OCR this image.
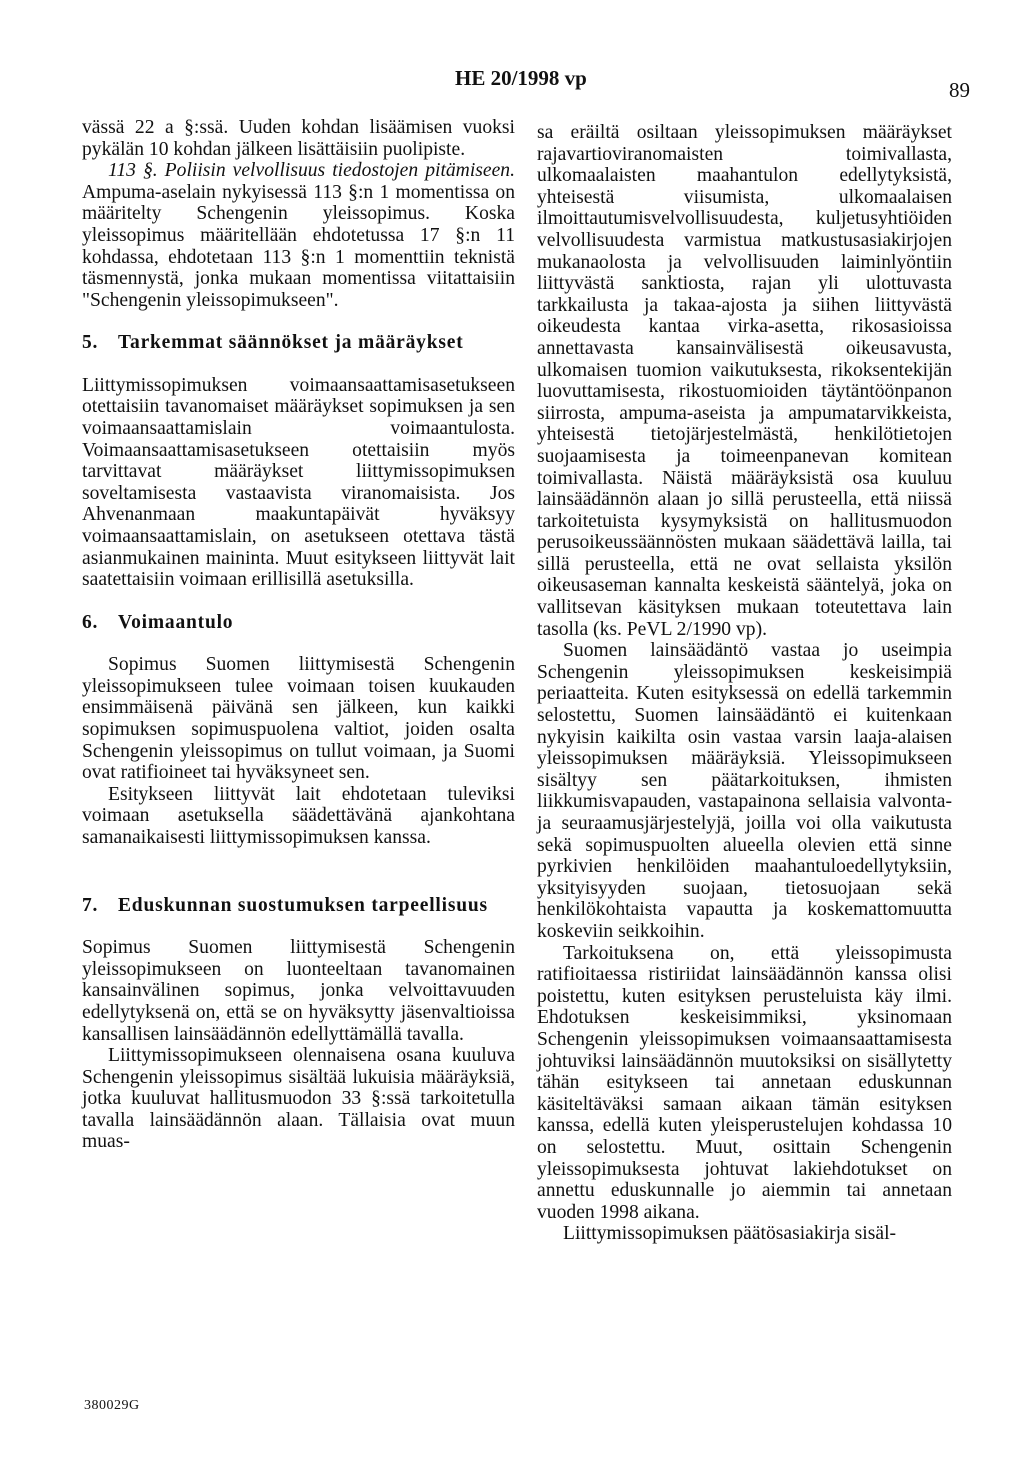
HE 20/1998 vp	89

vässä 22 a §:ssä. Uuden kohdan lisäämisen vuoksi pykälän 10 kohdan jälkeen lisättäisiin puolipiste.

113 §. Poliisin velvollisuus tiedostojen pitämiseen. Ampuma-aselain nykyisessä 113 §:n 1 momentissa on määritelty Schengenin yleissopimus. Koska yleissopimus määritellään ehdotetussa 17 §:n 11 kohdassa, ehdotetaan 113 §:n 1 momenttiin teknistä täsmennystä, jonka mukaan momentissa viitattaisiin "Schengenin yleissopimukseen".

5.	Tarkemmat säännökset ja määräykset

Liittymissopimuksen voimaansaattamisasetukseen otettaisiin tavanomaiset määräykset sopimuksen ja sen voimaansaattamislain voimaantulosta. Voimaansaattamisasetukseen otettaisiin myös tarvittavat määräykset liittymissopimuksen soveltamisesta vastaavista viranomaisista. Jos Ahvenanmaan maakuntapäivät hyväksyy voimaansaattamislain, on asetukseen otettava tästä asianmukainen maininta. Muut esitykseen liittyvät lait saatettaisiin voimaan erillisillä asetuksilla.

6.	Voimaantulo

Sopimus Suomen liittymisestä Schengenin yleissopimukseen tulee voimaan toisen kuukauden ensimmäisenä päivänä sen jälkeen, kun kaikki sopimuksen sopimuspuolena valtiot, joiden osalta Schengenin yleissopimus on tullut voimaan, ja Suomi ovat ratifioineet tai hyväksyneet sen.

Esitykseen liittyvät lait ehdotetaan tuleviksi voimaan asetuksella säädettävänä ajankohtana samanaikaisesti liittymissopimuksen kanssa.

7.	Eduskunnan suostumuksen tarpeellisuus

Sopimus Suomen liittymisestä Schengenin yleissopimukseen on luonteeltaan tavanomainen kansainvälinen sopimus, jonka velvoittavuuden edellytyksenä on, että se on hyväksytty jäsenvaltioissa kansallisen lainsäädännön edellyttämällä tavalla.

Liittymissopimukseen olennaisena osana kuuluva Schengenin yleissopimus sisältää lukuisia määräyksiä, jotka kuuluvat hallitusmuodon 33 §:ssä tarkoitetulla tavalla lainsäädännön alaan. Tällaisia ovat muun muas-

sa eräiltä osiltaan yleissopimuksen määräykset rajavartioviranomaisten toimivallasta, ulkomaalaisten maahantulon edellytyksistä, yhteisestä viisumista, ulkomaalaisen ilmoittautumisvelvollisuudesta, kuljetusyhtiöiden velvollisuudesta varmistua matkustusasiakirjojen mukanaolosta ja velvollisuuden laiminlyöntiin liittyvästä sanktiosta, rajan yli ulottuvasta tarkkailusta ja takaa-ajosta ja siihen liittyvästä oikeudesta kantaa virka-asetta, rikosasioissa annettavasta kansainvälisestä oikeusavusta, ulkomaisen tuomion vaikutuksesta, rikoksentekijän luovuttamisesta, rikostuomioiden täytäntöönpanon siirrosta, ampuma-aseista ja ampumatarvikkeista, yhteisestä tietojärjestelmästä, henkilötietojen suojaamisesta ja toimeenpanevan komitean toimivallasta. Näistä määräyksistä osa kuuluu lainsäädännön alaan jo sillä perusteella, että niissä tarkoitetuista kysymyksistä on hallitusmuodon perusoikeussäännösten mukaan säädettävä lailla, tai sillä perusteella, että ne ovat sellaista yksilön oikeusaseman kannalta keskeistä sääntelyä, joka on vallitsevan käsityksen mukaan toteutettava lain tasolla (ks. PeVL 2/1990 vp).

Suomen lainsäädäntö vastaa jo useimpia Schengenin yleissopimuksen keskeisimpiä periaatteita. Kuten esityksessä on edellä tarkemmin selostettu, Suomen lainsäädäntö ei kuitenkaan nykyisin kaikilta osin vastaa varsin laaja-alaisen yleissopimuksen määräyksiä. Yleissopimukseen sisältyy sen päätarkoituksen, ihmisten liikkumisvapauden, vastapainona sellaisia valvonta- ja seuraamusjärjestelyjä, joilla voi olla vaikutusta sekä sopimuspuolten alueella olevien että sinne pyrkivien henkilöiden maahantuloedellytyksiin, yksityisyyden suojaan, tietosuojaan sekä henkilökohtaista vapautta ja koskemattomuutta koskeviin seikkoihin.

Tarkoituksena on, että yleissopimusta ratifioitaessa ristiriidat lainsäädännön kanssa olisi poistettu, kuten esityksen perusteluista käy ilmi. Ehdotuksen keskeisimmiksi, yksinomaan Schengenin yleissopimuksen voimaansaattamisesta johtuviksi lainsäädännön muutoksiksi on sisällytetty tähän esitykseen tai annetaan eduskunnan käsiteltäväksi samaan aikaan tämän esityksen kanssa, edellä kuten yleisperustelujen kohdassa 10 on selostettu. Muut, osittain Schengenin yleissopimuksesta johtuvat lakiehdotukset on annettu eduskunnalle jo aiemmin tai annetaan vuoden 1998 aikana.

Liittymissopimuksen päätösasiakirja sisäl-

380029G
